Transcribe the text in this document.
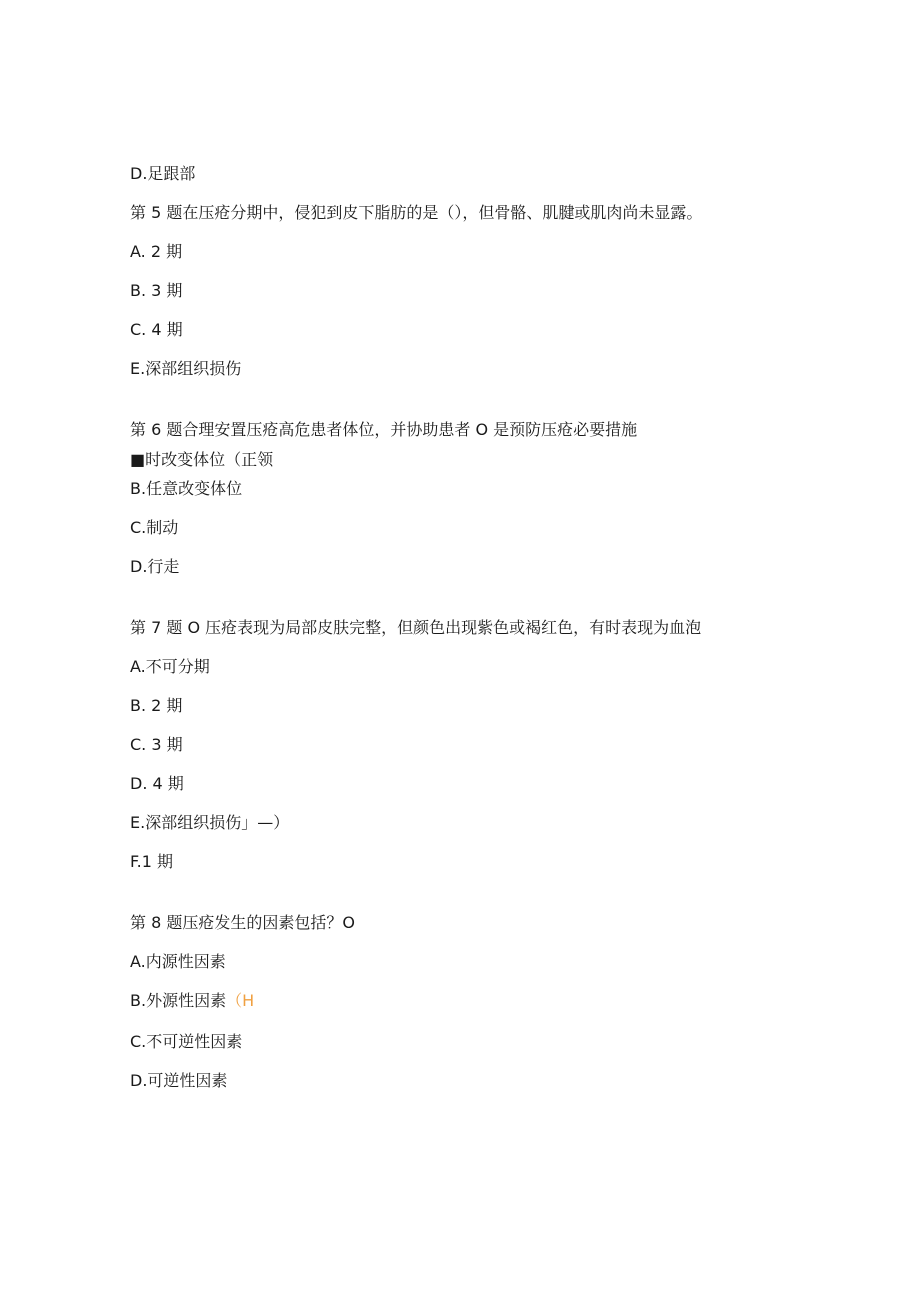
D.足跟部
第 5 题在压疮分期中，侵犯到皮下脂肪的是（），但骨骼、肌腱或肌肉尚未显露。
A. 2 期
B. 3 期
C. 4 期
E.深部组织损伤
第 6 题合理安置压疮高危患者体位，并协助患者 O 是预防压疮必要措施
■时改变体位（正领
B.任意改变体位
C.制动
D.行走
第 7 题 O 压疮表现为局部皮肤完整，但颜色出现紫色或褐红色，有时表现为血泡
A.不可分期
B. 2 期
C. 3 期
D. 4 期
E.深部组织损伤」—）
F.1 期
第 8 题压疮发生的因素包括？O
A.内源性因素
B.外源性因素（H
C.不可逆性因素
D.可逆性因素
